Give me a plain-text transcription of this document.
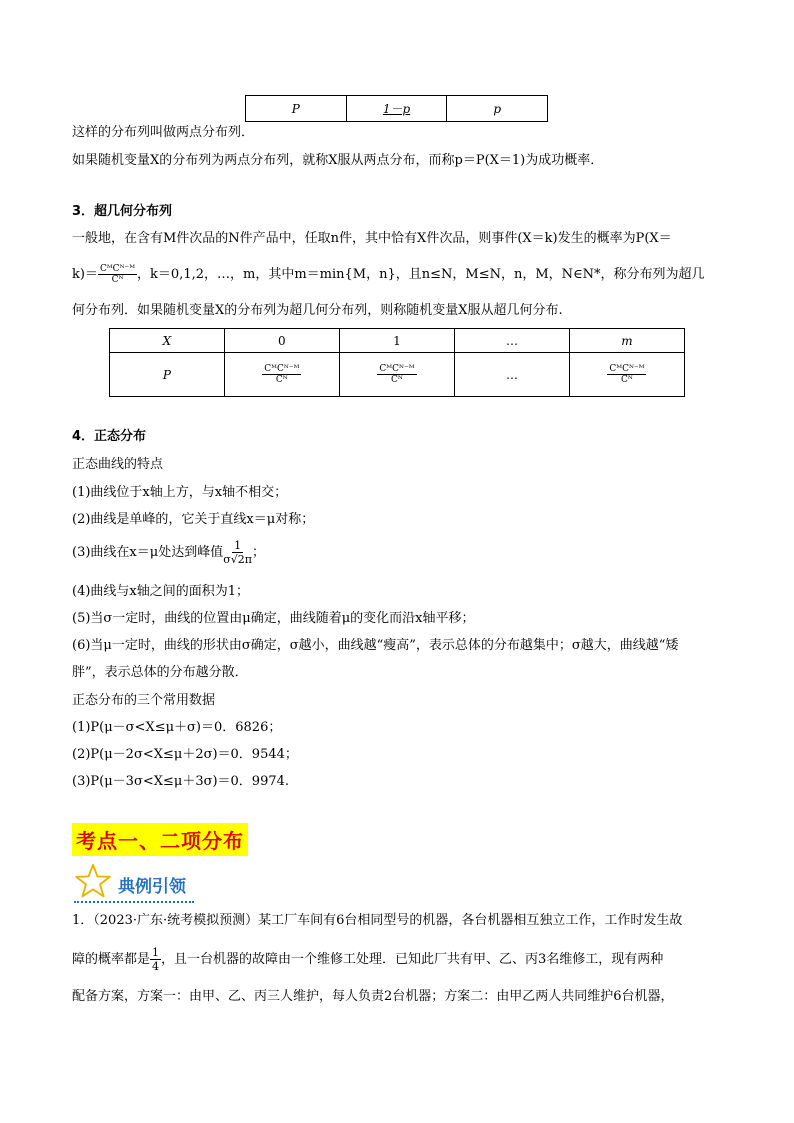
P	1－p	p
这样的分布列叫做两点分布列．
如果随机变量X的分布列为两点分布列，就称X服从两点分布，而称p＝P(X＝1)为成功概率．
3．超几何分布列
一般地，在含有M件次品的N件产品中，任取n件，其中恰有X件次品，则事件(X＝k)发生的概率为P(X＝
$k)= \frac{\text{CᴹCᴺ⁻ᴹ}}{\text{Cᴺ}}$ ，k＝0,1,2，…，m，其中m＝min{M，n}，且n≤N，M≤N，n，M，N∈N*，称分布列为超几
何分布列．如果随机变量X的分布列为超几何分布列，则称随机变量X服从超几何分布.
X	0	1	…	m
P	$\frac{\text{CᴹCᴺ⁻ᴹ}}{\text{Cᴺ}}$	$\frac{\text{CᴹCᴺ⁻ᴹ}}{\text{Cᴺ}}$	…	$\frac{\text{CᴹCᴺ⁻ᴹ}}{\text{Cᴺ}}$
4．正态分布
正态曲线的特点
(1)曲线位于x轴上方，与x轴不相交；
(2)曲线是单峰的，它关于直线x＝μ对称；
(3)曲线在x＝μ处达到峰值 $\frac{1}{\sigma√2\pi}$ ；
(4)曲线与x轴之间的面积为1；
(5)当σ一定时，曲线的位置由μ确定，曲线随着μ的变化而沿x轴平移；
(6)当μ一定时，曲线的形状由σ确定，σ越小，曲线越“瘦高”，表示总体的分布越集中；σ越大，曲线越“矮
胖”，表示总体的分布越分散．
正态分布的三个常用数据
(1)P(μ－σ<X≤μ＋σ)＝0．6826；
(2)P(μ－2σ<X≤μ＋2σ)＝0．9544；
(3)P(μ－3σ<X≤μ＋3σ)＝0．9974.
考点一、二项分布
典例引领
1．（2023·广东·统考模拟预测）某工厂车间有6台相同型号的机器，各台机器相互独立工作，工作时发生故
障的概率都是 $\frac{1}{4}$ ，且一台机器的故障由一个维修工处理．已知此厂共有甲、乙、丙3名维修工，现有两种
配备方案，方案一：由甲、乙、丙三人维护，每人负责2台机器；方案二：由甲乙两人共同维护6台机器，
